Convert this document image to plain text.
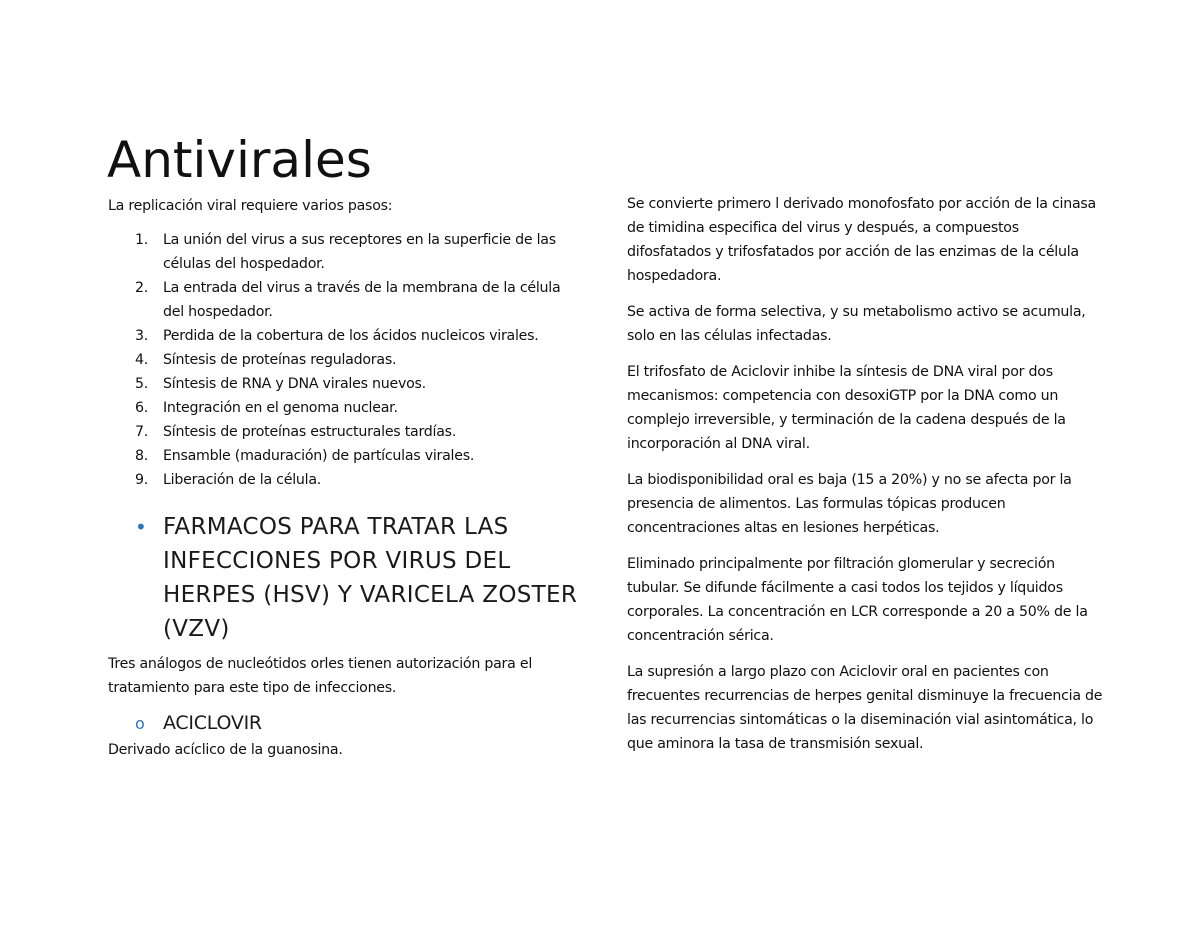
Antivirales

La replicación viral requiere varios pasos:

1. La unión del virus a sus receptores en la superficie de las células del hospedador.
2. La entrada del virus a través de la membrana de la célula del hospedador.
3. Perdida de la cobertura de los ácidos nucleicos virales.
4. Síntesis de proteínas reguladoras.
5. Síntesis de RNA y DNA virales nuevos.
6. Integración en el genoma nuclear.
7. Síntesis de proteínas estructurales tardías.
8. Ensamble (maduración) de partículas virales.
9. Liberación de la célula.
• FARMACOS PARA TRATAR LAS INFECCIONES POR VIRUS DEL HERPES (HSV) Y VARICELA ZOSTER (VZV)

Tres análogos de nucleótidos orles tienen autorización para el tratamiento para este tipo de infecciones.

o ACICLOVIR

Derivado acíclico de la guanosina.

Se convierte primero l derivado monofosfato por acción de la cinasa de timidina especifica del virus y después, a compuestos difosfatados y trifosfatados por acción de las enzimas de la célula hospedadora.

Se activa de forma selectiva, y su metabolismo activo se acumula, solo en las células infectadas.

El trifosfato de Aciclovir inhibe la síntesis de DNA viral por dos mecanismos: competencia con desoxiGTP por la DNA como un complejo irreversible, y terminación de la cadena después de la incorporación al DNA viral.

La biodisponibilidad oral es baja (15 a 20%) y no se afecta por la presencia de alimentos. Las formulas tópicas producen concentraciones altas en lesiones herpéticas.

Eliminado principalmente por filtración glomerular y secreción tubular. Se difunde fácilmente a casi todos los tejidos y líquidos corporales. La concentración en LCR corresponde a 20 a 50% de la concentración sérica.

La supresión a largo plazo con Aciclovir oral en pacientes con frecuentes recurrencias de herpes genital disminuye la frecuencia de las recurrencias sintomáticas o la diseminación vial asintomática, lo que aminora la tasa de transmisión sexual.
